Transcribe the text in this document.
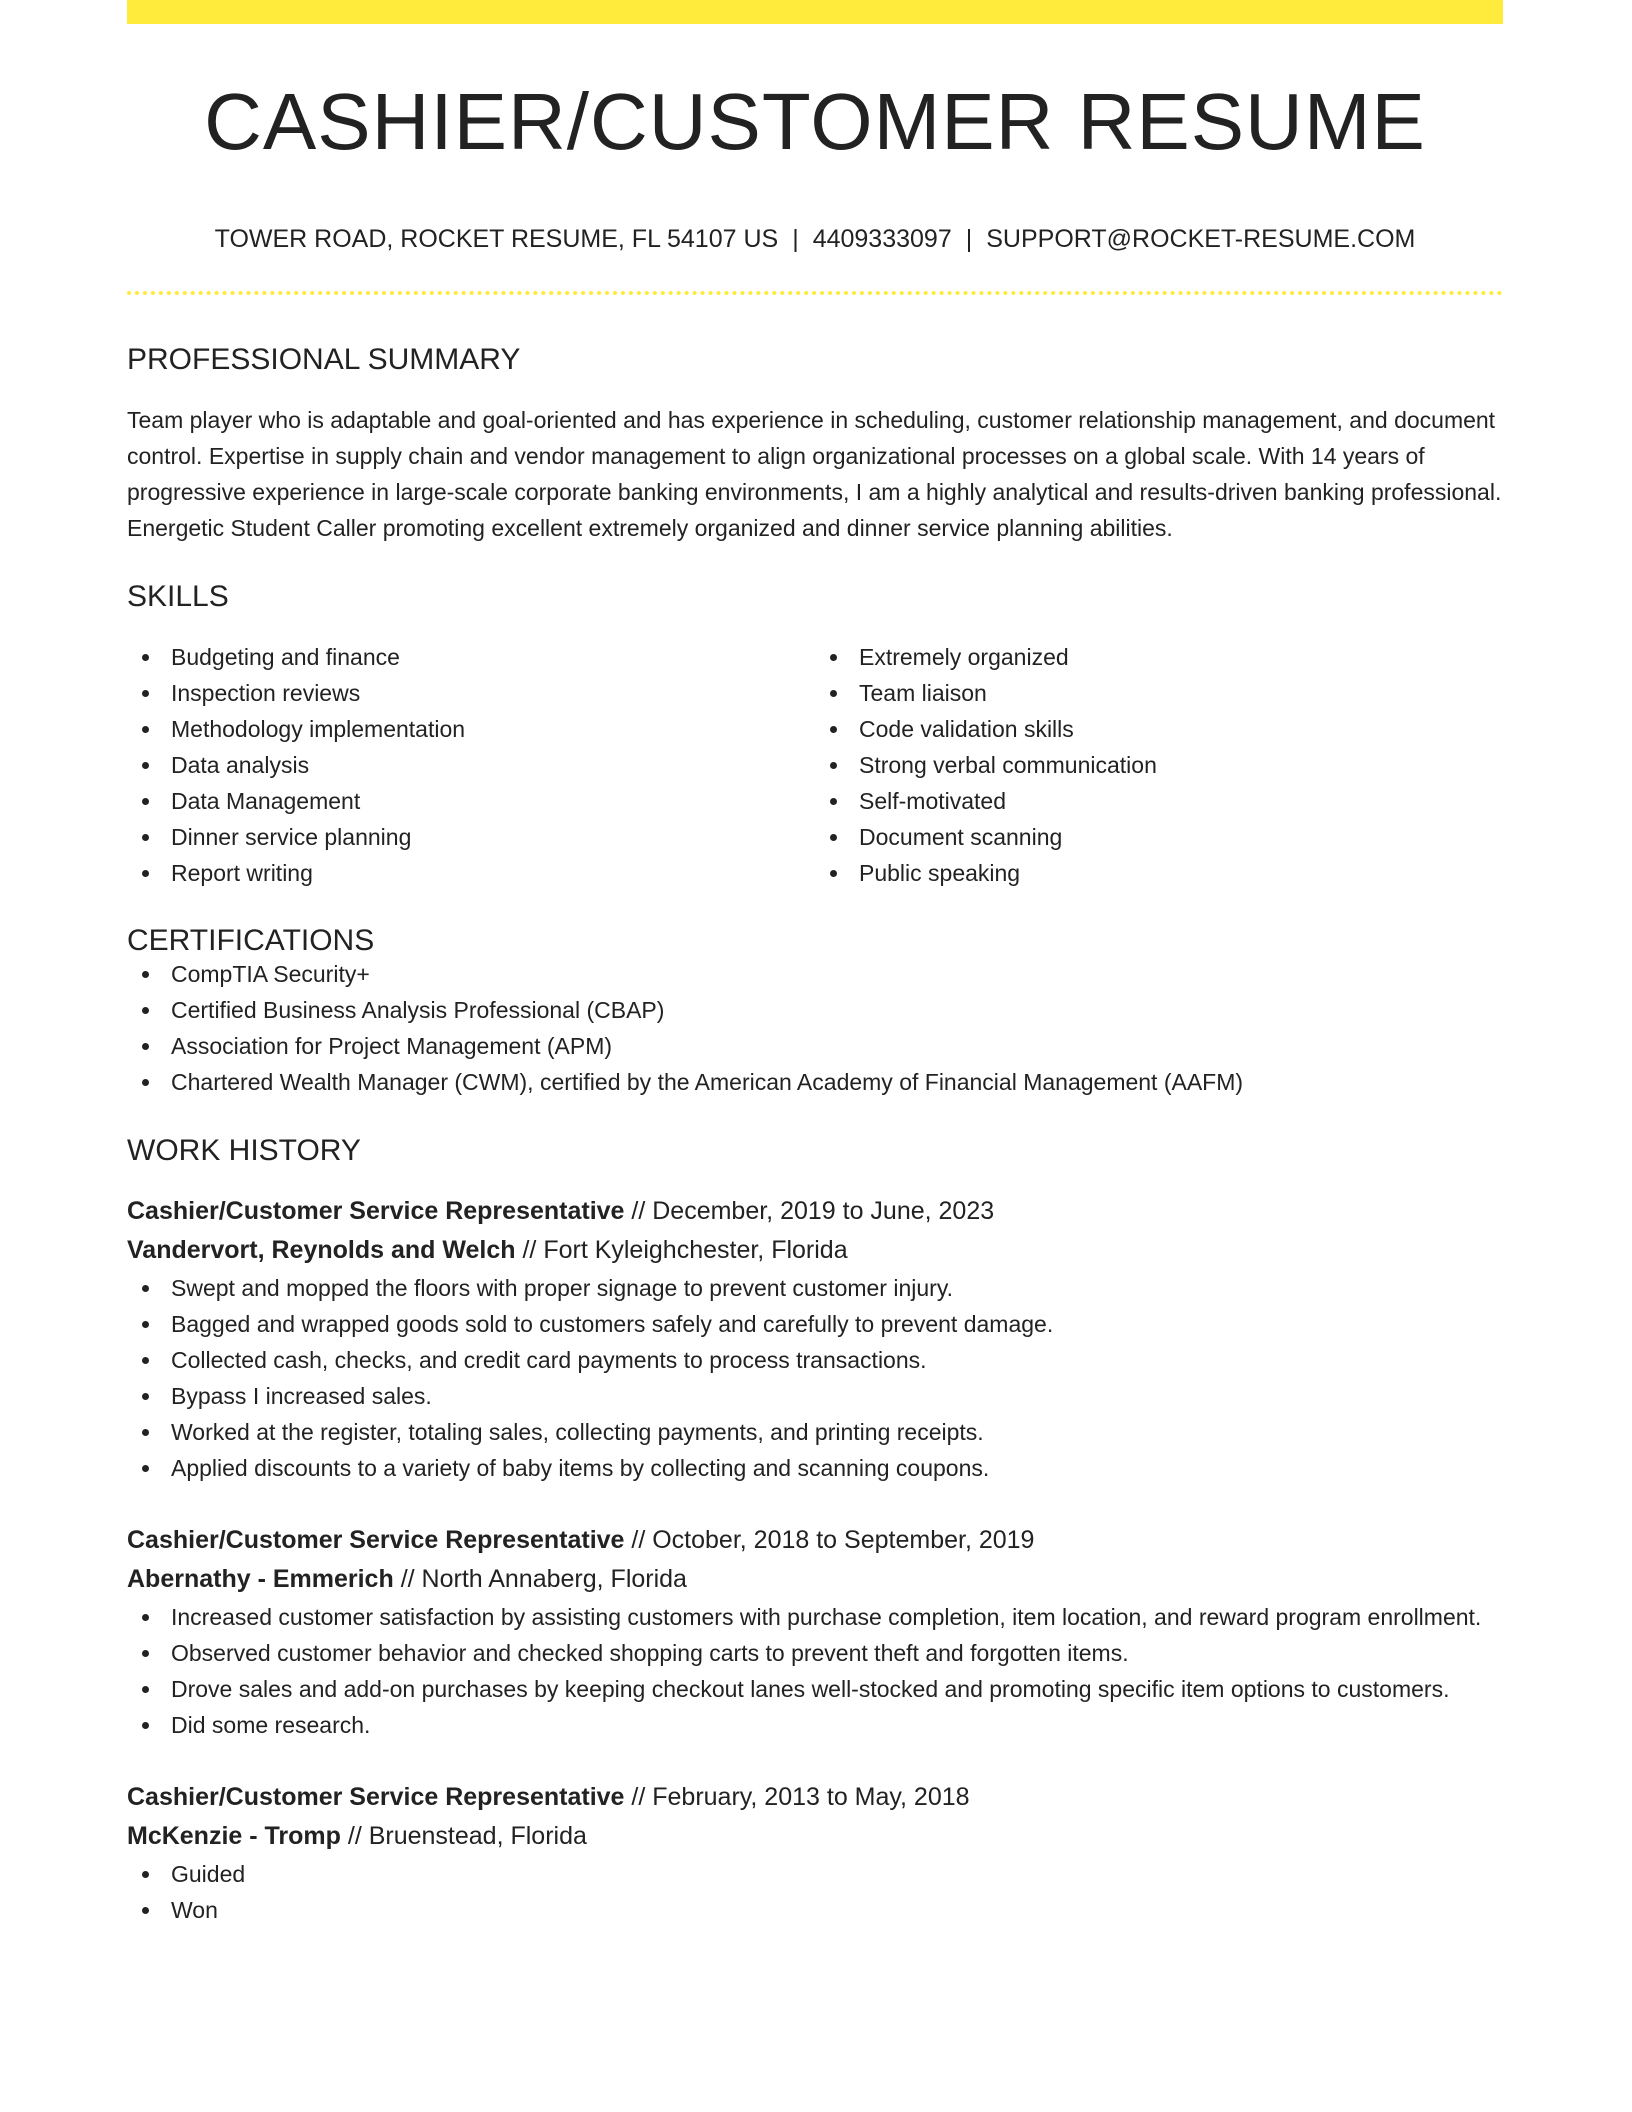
CASHIER/CUSTOMER RESUME
TOWER ROAD, ROCKET RESUME, FL 54107 US | 4409333097 | SUPPORT@ROCKET-RESUME.COM
PROFESSIONAL SUMMARY
Team player who is adaptable and goal-oriented and has experience in scheduling, customer relationship management, and document control. Expertise in supply chain and vendor management to align organizational processes on a global scale. With 14 years of progressive experience in large-scale corporate banking environments, I am a highly analytical and results-driven banking professional. Energetic Student Caller promoting excellent extremely organized and dinner service planning abilities.
SKILLS
Budgeting and finance
Inspection reviews
Methodology implementation
Data analysis
Data Management
Dinner service planning
Report writing
Extremely organized
Team liaison
Code validation skills
Strong verbal communication
Self-motivated
Document scanning
Public speaking
CERTIFICATIONS
CompTIA Security+
Certified Business Analysis Professional (CBAP)
Association for Project Management (APM)
Chartered Wealth Manager (CWM), certified by the American Academy of Financial Management (AAFM)
WORK HISTORY
Cashier/Customer Service Representative // December, 2019 to June, 2023
Vandervort, Reynolds and Welch // Fort Kyleighchester, Florida
Swept and mopped the floors with proper signage to prevent customer injury.
Bagged and wrapped goods sold to customers safely and carefully to prevent damage.
Collected cash, checks, and credit card payments to process transactions.
Bypass I increased sales.
Worked at the register, totaling sales, collecting payments, and printing receipts.
Applied discounts to a variety of baby items by collecting and scanning coupons.
Cashier/Customer Service Representative // October, 2018 to September, 2019
Abernathy - Emmerich // North Annaberg, Florida
Increased customer satisfaction by assisting customers with purchase completion, item location, and reward program enrollment.
Observed customer behavior and checked shopping carts to prevent theft and forgotten items.
Drove sales and add-on purchases by keeping checkout lanes well-stocked and promoting specific item options to customers.
Did some research.
Cashier/Customer Service Representative // February, 2013 to May, 2018
McKenzie - Tromp // Bruenstead, Florida
Guided
Won
